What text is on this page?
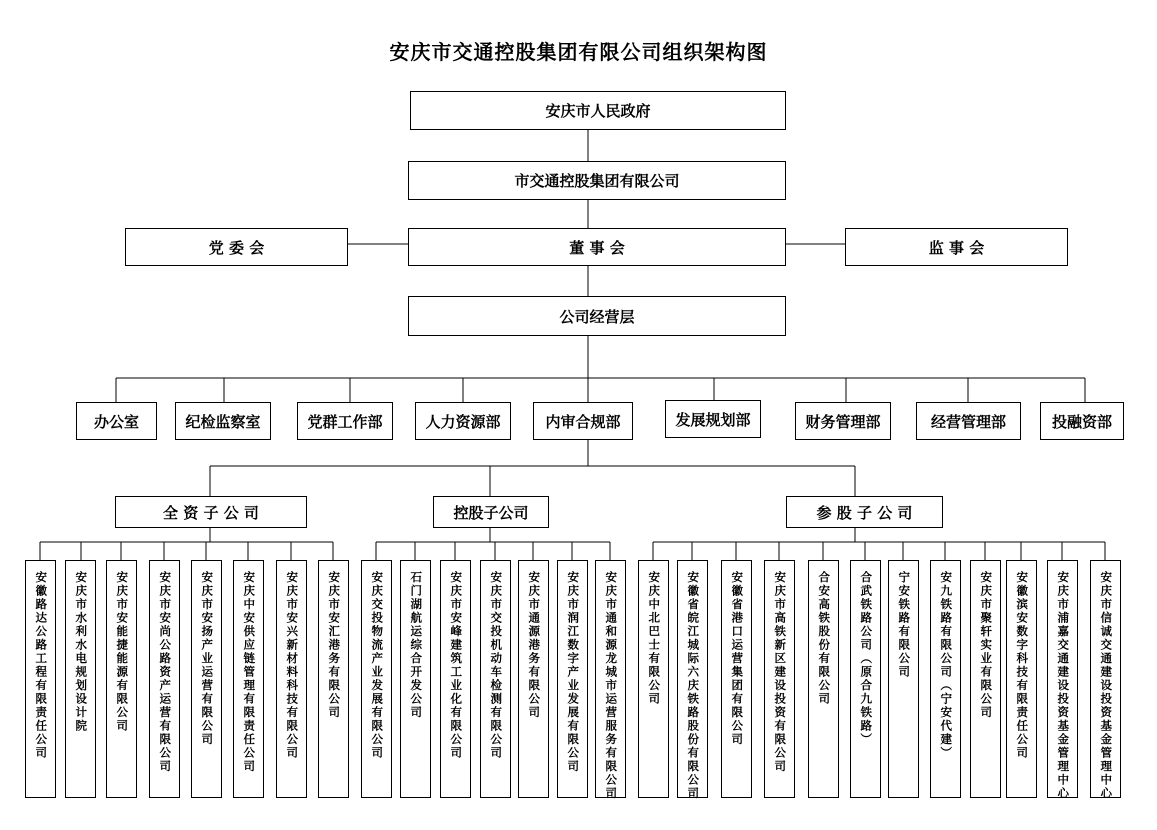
安庆市交通控股集团有限公司组织架构图
安庆市人民政府
市交通控股集团有限公司
党 委 会	董 事 会	监 事 会
公司经营层
办公室	纪检监察室	党群工作部	人力资源部	内审合规部	发展规划部	财务管理部	经营管理部	投融资部
全 资 子 公 司	控股子公司	参 股 子 公 司
安徽路达公路工程有限责任公司 安庆市水利水电规划设计院 安庆市安能捷能源有限公司	安庆市安尚公路资产运营有限公司 安庆市安扬产业运营有限公司 安庆中安供应链管理有限责任公司	安庆市安兴新材料科技有限公司 安庆市安汇港务有限公司	安庆交投物流产业发展有限公司 石门湖航运综合开发公司 安庆市安峰建筑工业化有限公司 安庆市交投机动车检测有限公司 安庆市通源港务有限公司 安庆市润江数字产业发展有限公司 安庆市通和源龙城市运营服务有限公司	安庆中北巴士有限公司 安徽省皖江城际六庆铁路股份有限公司	安徽省港口运营集团有限公司	安庆市高铁新区建设投资有限公司	合安高铁股份有限公司 合武铁路公司（原合九铁路） 宁安铁路有限公司 安九铁路有限公司（宁安代建） 安庆市聚轩实业有限公司 安徽滨安数字科技有限责任公司 安庆市浦嘉交通建设投资基金管理中心	安庆市信诚交通建设投资基金管理中心
